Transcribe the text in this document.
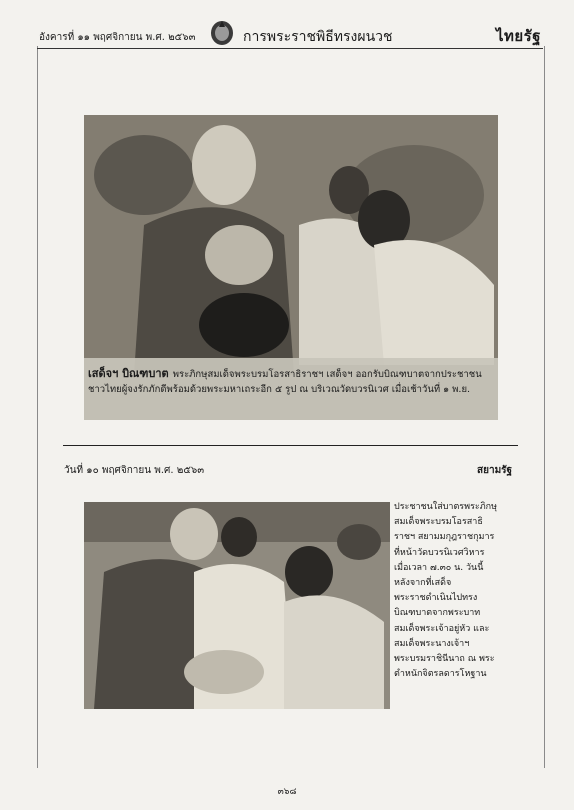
อังคารที่ ๑๑ พฤศจิกายน พ.ศ. ๒๕๖๓	การพระราชพิธีทรงผนวช	ไทยรัฐ
เสด็จฯ บิณฑบาต พระภิกษุสมเด็จพระบรมโอรสาธิราชฯ เสด็จฯ ออกรับบิณฑบาตจากประชาชนชาวไทยผู้จงรักภักดีพร้อมด้วยพระมหาเถระอีก ๕ รูป ณ บริเวณวัดบวรนิเวศ เมื่อเช้าวันที่ ๑ พ.ย.
วันที่ ๑๐ พฤศจิกายน พ.ศ. ๒๕๖๓	สยามรัฐ
ประชาชนใส่บาตรพระภิกษุสมเด็จพระบรมโอรสาธิราชฯ สยามมกุฎราชกุมาร ที่หน้าวัดบวรนิเวศวิหาร เมื่อเวลา ๗.๓๐ น. วันนี้ หลังจากที่เสด็จพระราชดำเนินไปทรงบิณฑบาตจากพระบาทสมเด็จพระเจ้าอยู่หัว และสมเด็จพระนางเจ้าฯ พระบรมราชินีนาถ ณ พระตำหนักจิตรลดารโหฐาน
๓๖๘
